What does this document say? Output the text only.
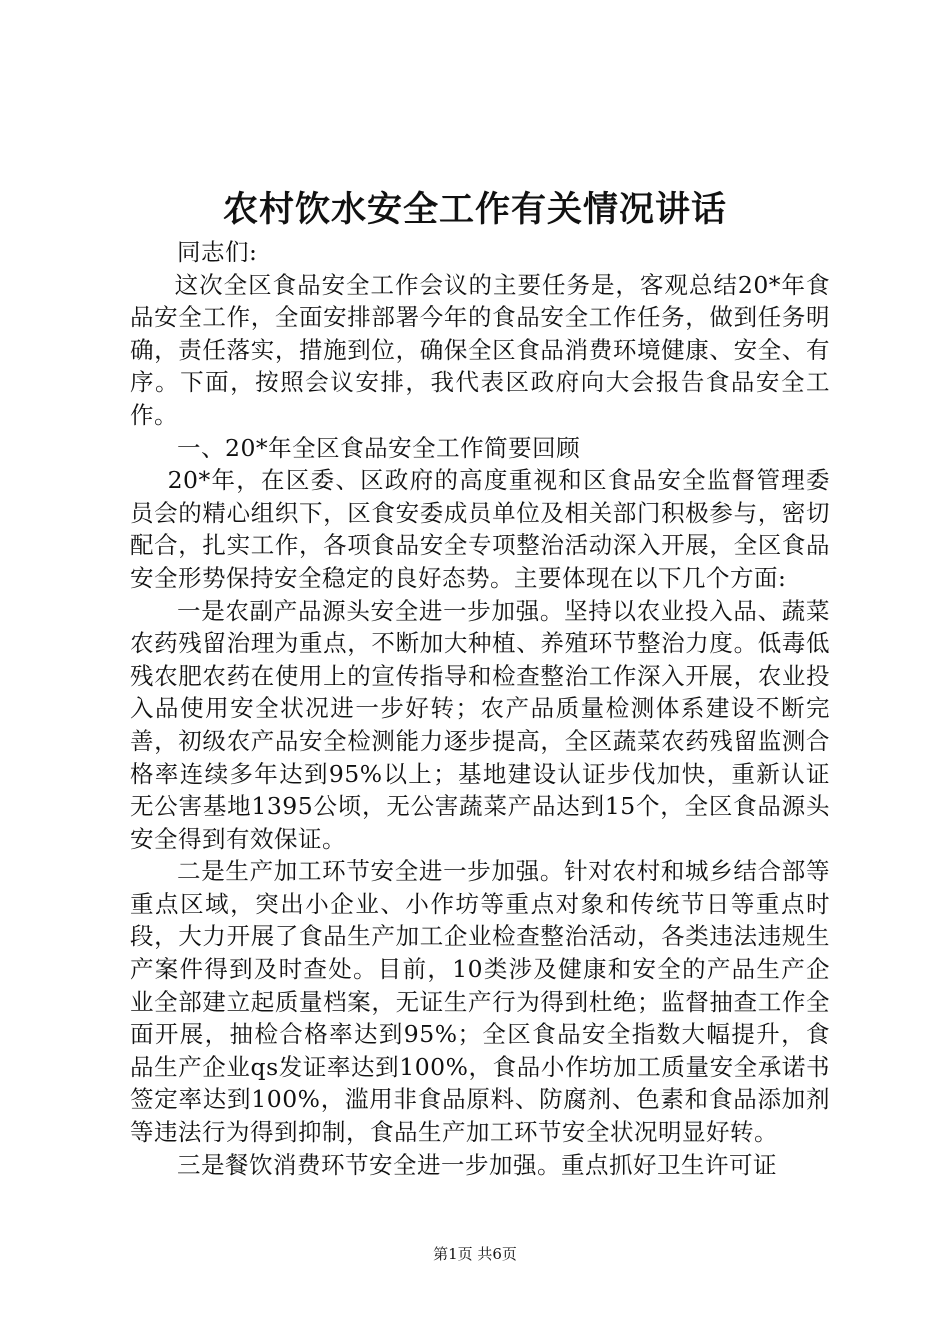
农村饮水安全工作有关情况讲话

同志们:

这次全区食品安全工作会议的主要任务是，客观总结20*年食品安全工作，全面安排部署今年的食品安全工作任务，做到任务明确，责任落实，措施到位，确保全区食品消费环境健康、安全、有序。下面，按照会议安排，我代表区政府向大会报告食品安全工作。

一、20*年全区食品安全工作简要回顾

20*年，在区委、区政府的高度重视和区食品安全监督管理委员会的精心组织下，区食安委成员单位及相关部门积极参与，密切配合，扎实工作，各项食品安全专项整治活动深入开展，全区食品安全形势保持安全稳定的良好态势。主要体现在以下几个方面:

一是农副产品源头安全进一步加强。坚持以农业投入品、蔬菜农药残留治理为重点，不断加大种植、养殖环节整治力度。低毒低残农肥农药在使用上的宣传指导和检查整治工作深入开展，农业投入品使用安全状况进一步好转；农产品质量检测体系建设不断完善，初级农产品安全检测能力逐步提高，全区蔬菜农药残留监测合格率连续多年达到95%以上；基地建设认证步伐加快，重新认证无公害基地1395公顷，无公害蔬菜产品达到15个，全区食品源头安全得到有效保证。

二是生产加工环节安全进一步加强。针对农村和城乡结合部等重点区域，突出小企业、小作坊等重点对象和传统节日等重点时段，大力开展了食品生产加工企业检查整治活动，各类违法违规生产案件得到及时查处。目前，10类涉及健康和安全的产品生产企业全部建立起质量档案，无证生产行为得到杜绝；监督抽查工作全面开展，抽检合格率达到95%；全区食品安全指数大幅提升，食品生产企业qs发证率达到100%，食品小作坊加工质量安全承诺书签定率达到100%，滥用非食品原料、防腐剂、色素和食品添加剂等违法行为得到抑制，食品生产加工环节安全状况明显好转。

三是餐饮消费环节安全进一步加强。重点抓好卫生许可证

第1页 共6页
